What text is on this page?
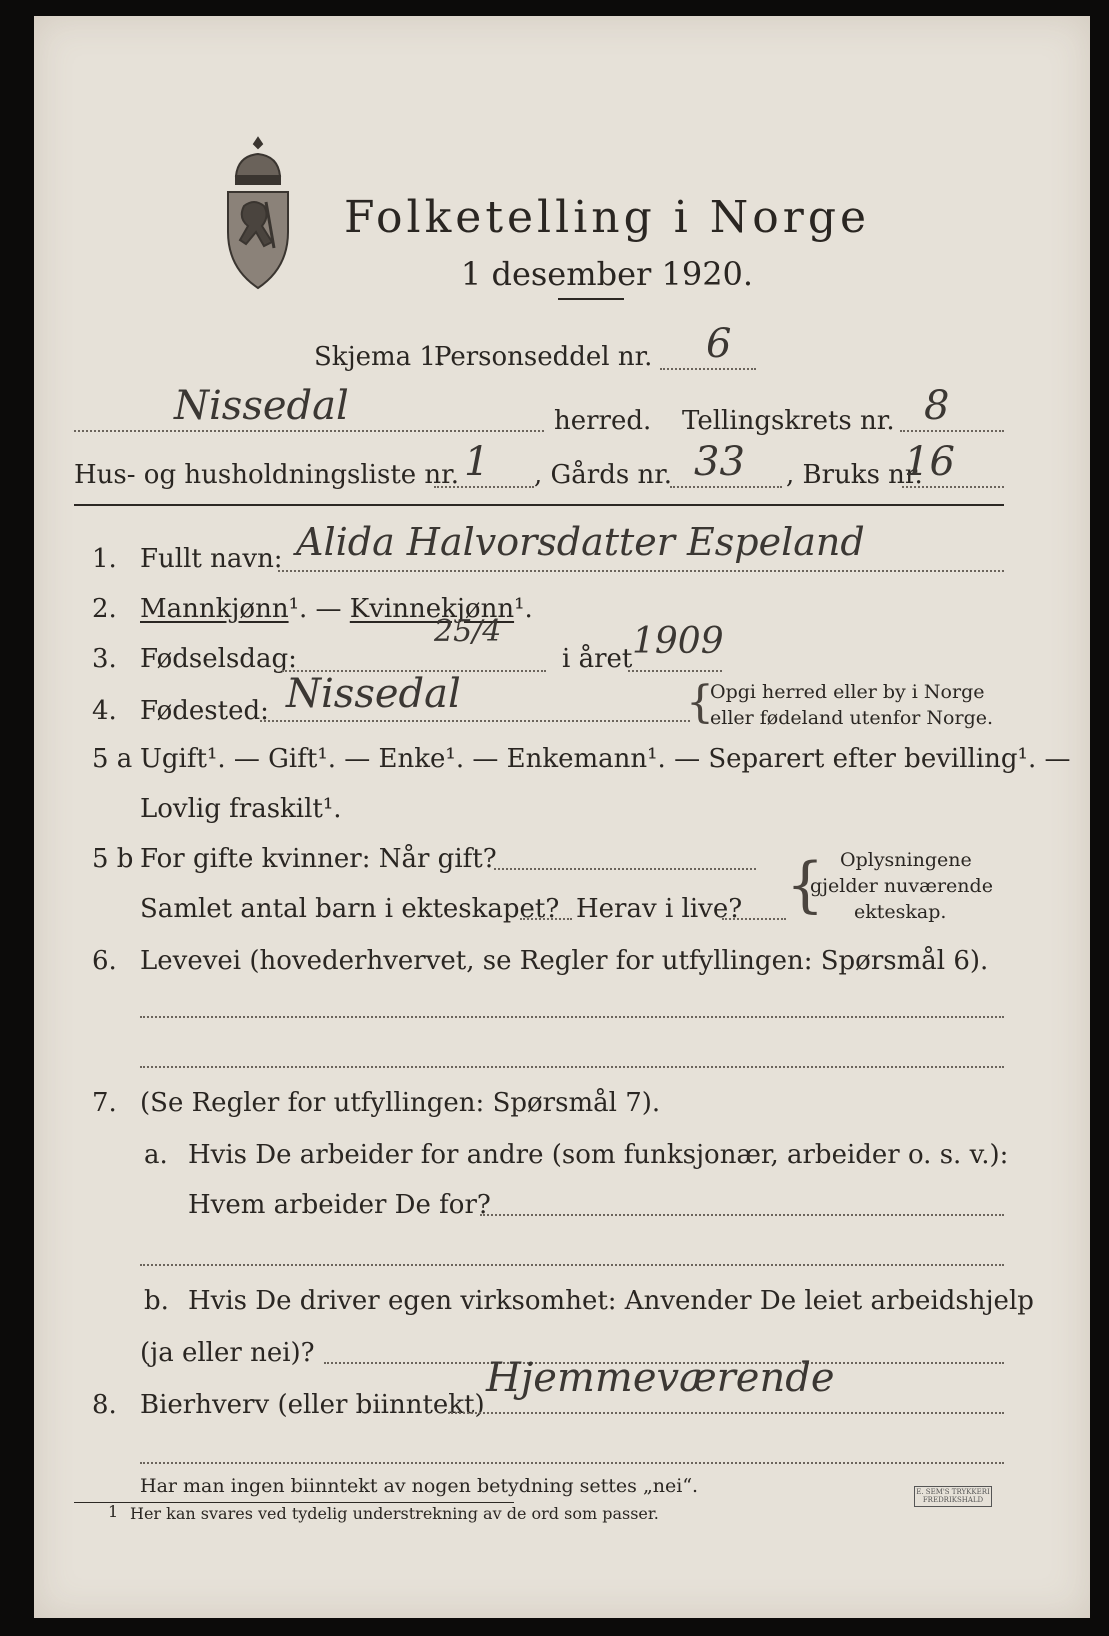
Folketelling i Norge
1 desember 1920.
Skjema 1.
Personseddel nr. 6
Nissedal	herred. Tellingskrets nr. 8
Hus- og husholdningsliste nr. 1 , Gårds nr. 33 , Bruks nr.
16
1. Fullt navn: Alida Halvorsdatter Espeland
2. Mannkjønn¹. — Kvinnekjønn¹.
3. Fødselsdag:
25/4
i året 1909
4. Fødested: Nissedal	{
Opgi herred eller by i Norge
eller fødeland utenfor Norge.
5 a Ugift¹. — Gift¹. — Enke¹. — Enkemann¹. — Separert efter bevilling¹. —
Lovlig fraskilt¹.
5 b For gifte kvinner: Når gift?
Samlet antal barn i ekteskapet? Herav i live? { Oplysningene
gjelder nuværende
ekteskap.
6. Levevei (hovederhvervet, se Regler for utfyllingen: Spørsmål 6).
7. (Se Regler for utfyllingen: Spørsmål 7).
a. Hvis De arbeider for andre (som funksjonær, arbeider o. s. v.):
Hvem arbeider De for?
b. Hvis De driver egen virksomhet: Anvender De leiet arbeidshjelp
(ja eller nei)?
8. Bierhverv (eller biinntekt)
Hjemmeværende
Har man ingen biinntekt av nogen betydning settes „nei“.
1 Her kan svares ved tydelig understrekning av de ord som passer.
E. SEM'S TRYKKERI FREDRIKSHALD
